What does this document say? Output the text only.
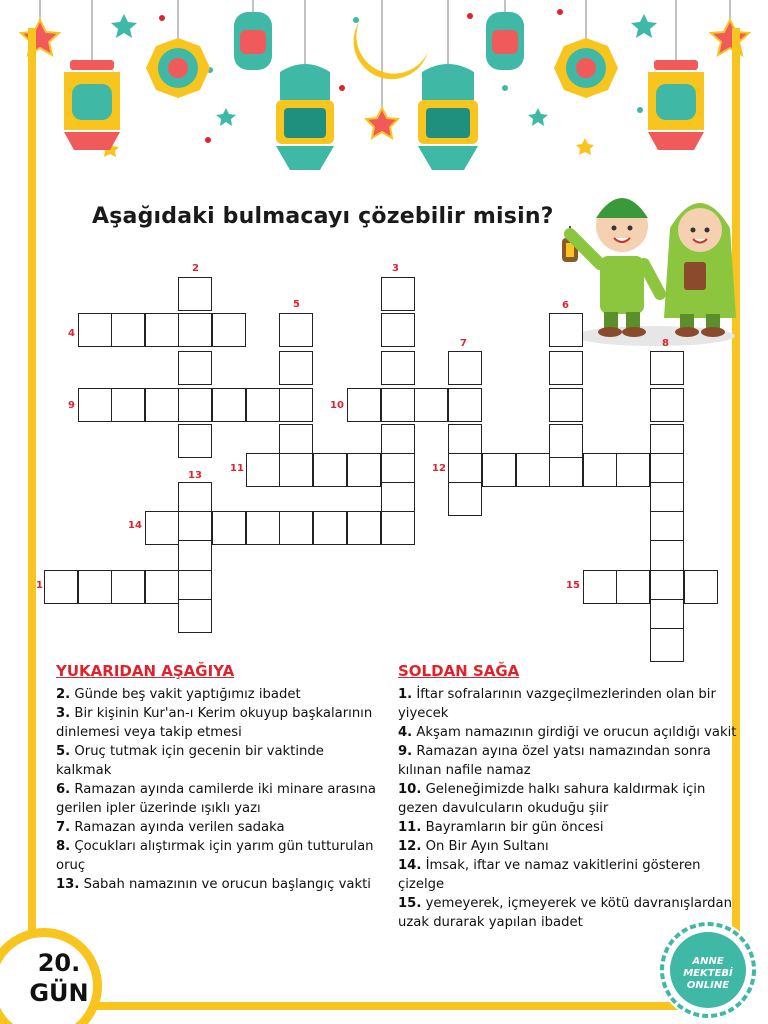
Aşağıdaki bulmacayı çözebilir misin?
2	3
4
5	6
7	8
9	10
11	12
13
14
1	15
YUKARIDAN AŞAĞIYA

2. Günde beş vakit yaptığımız ibadet

3. Bir kişinin Kur'an-ı Kerim okuyup başkalarının dinlemesi veya takip etmesi

5. Oruç tutmak için gecenin bir vaktinde kalkmak

6. Ramazan ayında camilerde iki minare arasına gerilen ipler üzerinde ışıklı yazı

7. Ramazan ayında verilen sadaka

8. Çocukları alıştırmak için yarım gün tutturulan oruç

13. Sabah namazının ve orucun başlangıç vakti

SOLDAN SAĞA

1. İftar sofralarının vazgeçilmezlerinden olan bir yiyecek

4. Akşam namazının girdiği ve orucun açıldığı vakit

9. Ramazan ayına özel yatsı namazından sonra kılınan nafile namaz

10. Geleneğimizde halkı sahura kaldırmak için gezen davulcuların okuduğu şiir

11. Bayramların bir gün öncesi

12. On Bir Ayın Sultanı

14. İmsak, iftar ve namaz vakitlerini gösteren çizelge

15. yemeyerek, içmeyerek ve kötü davranışlardan uzak durarak yapılan ibadet

20.
GÜN
ANNE
MEKTEBİ
ONLINE
